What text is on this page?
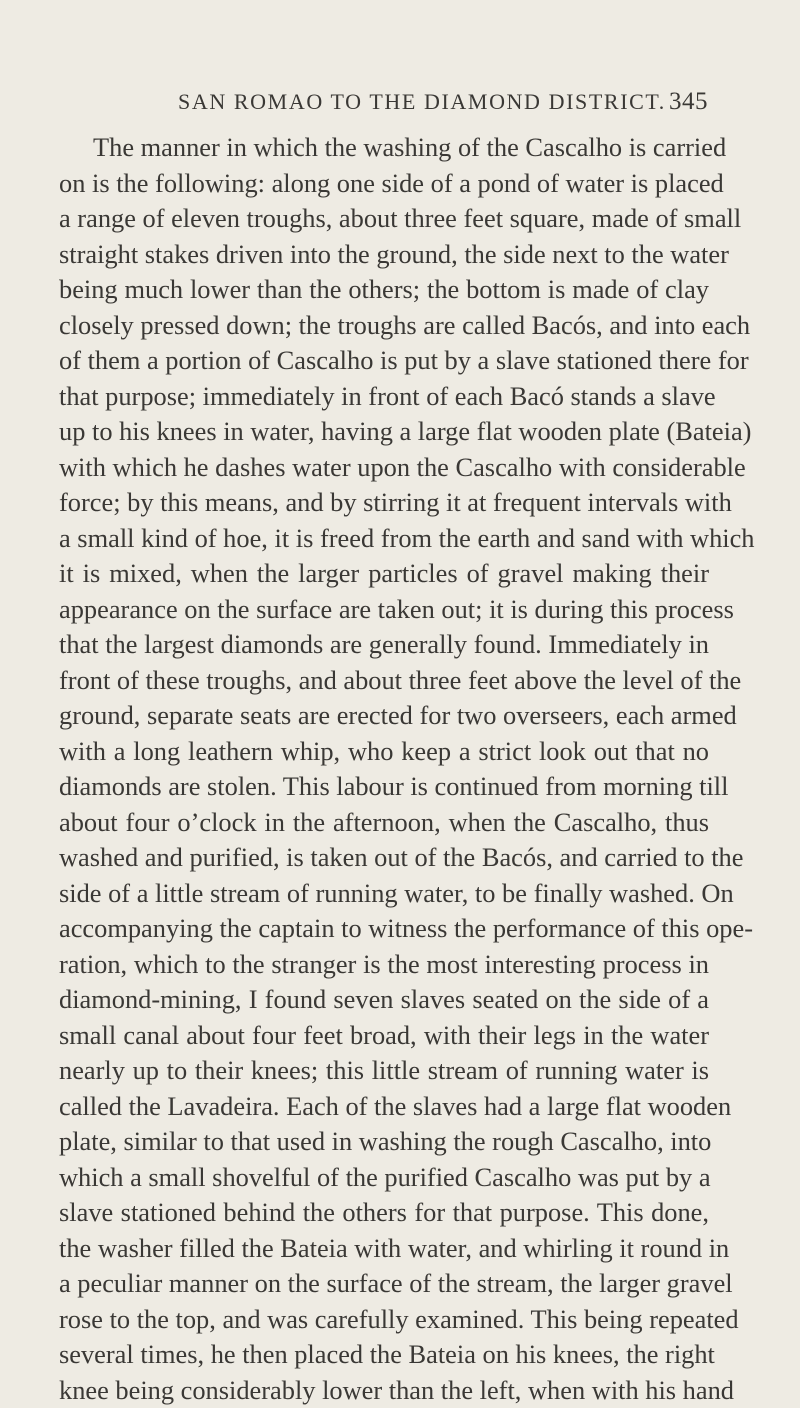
SAN ROMAO TO THE DIAMOND DISTRICT. 345
The manner in which the washing of the Cascalho is carried
on is the following: along one side of a pond of water is placed
a range of eleven troughs, about three feet square, made of small
straight stakes driven into the ground, the side next to the water
being much lower than the others; the bottom is made of clay
closely pressed down; the troughs are called Bacós, and into each
of them a portion of Cascalho is put by a slave stationed there for
that purpose; immediately in front of each Bacó stands a slave
up to his knees in water, having a large flat wooden plate (Bateia)
with which he dashes water upon the Cascalho with considerable
force; by this means, and by stirring it at frequent intervals with
a small kind of hoe, it is freed from the earth and sand with which
it is mixed, when the larger particles of gravel making their
appearance on the surface are taken out; it is during this process
that the largest diamonds are generally found. Immediately in
front of these troughs, and about three feet above the level of the
ground, separate seats are erected for two overseers, each armed
with a long leathern whip, who keep a strict look out that no
diamonds are stolen. This labour is continued from morning till
about four o’clock in the afternoon, when the Cascalho, thus
washed and purified, is taken out of the Bacós, and carried to the
side of a little stream of running water, to be finally washed. On
accompanying the captain to witness the performance of this ope-
ration, which to the stranger is the most interesting process in
diamond-mining, I found seven slaves seated on the side of a
small canal about four feet broad, with their legs in the water
nearly up to their knees; this little stream of running water is
called the Lavadeira. Each of the slaves had a large flat wooden
plate, similar to that used in washing the rough Cascalho, into
which a small shovelful of the purified Cascalho was put by a
slave stationed behind the others for that purpose. This done,
the washer filled the Bateia with water, and whirling it round in
a peculiar manner on the surface of the stream, the larger gravel
rose to the top, and was carefully examined. This being repeated
several times, he then placed the Bateia on his knees, the right
knee being considerably lower than the left, when with his hand
